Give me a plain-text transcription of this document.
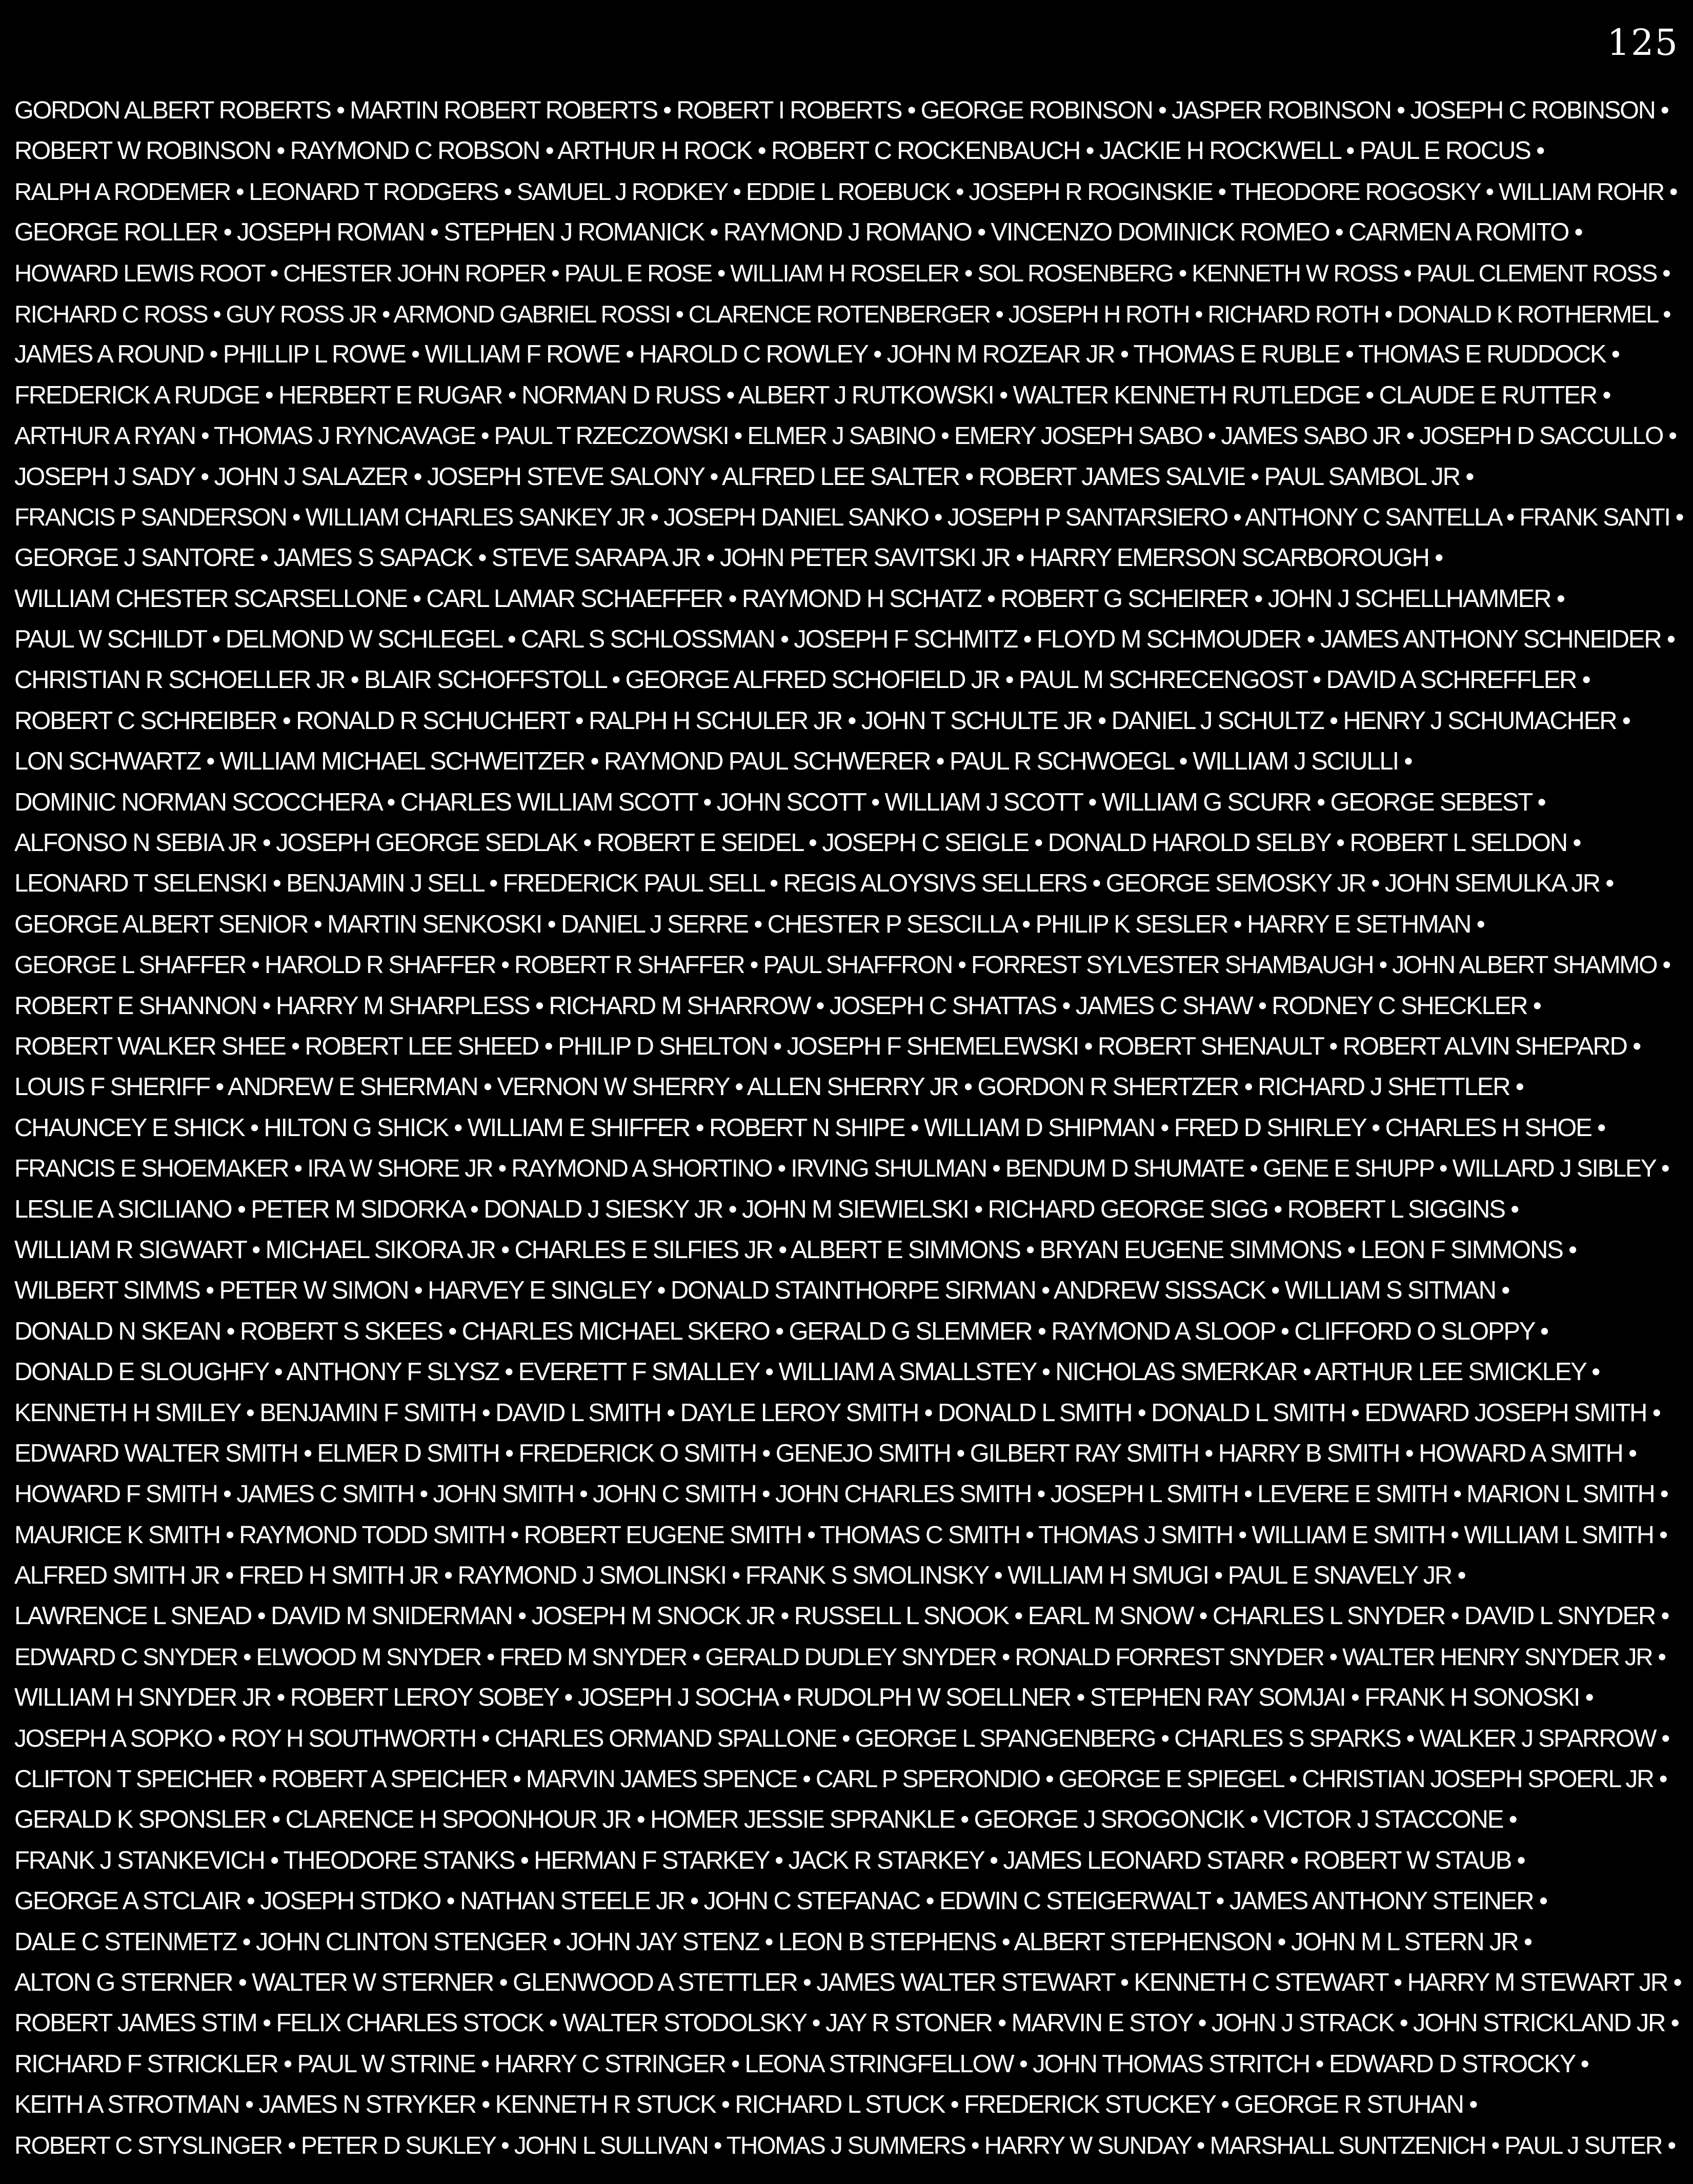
125
GORDON ALBERT ROBERTS • MARTIN ROBERT ROBERTS • ROBERT I ROBERTS • GEORGE ROBINSON • JASPER ROBINSON • JOSEPH C ROBINSON •
ROBERT W ROBINSON • RAYMOND C ROBSON • ARTHUR H ROCK • ROBERT C ROCKENBAUCH • JACKIE H ROCKWELL • PAUL E ROCUS •
RALPH A RODEMER • LEONARD T RODGERS • SAMUEL J RODKEY • EDDIE L ROEBUCK • JOSEPH R ROGINSKIE • THEODORE ROGOSKY • WILLIAM ROHR •
GEORGE ROLLER • JOSEPH ROMAN • STEPHEN J ROMANICK • RAYMOND J ROMANO • VINCENZO DOMINICK ROMEO • CARMEN A ROMITO •
HOWARD LEWIS ROOT • CHESTER JOHN ROPER • PAUL E ROSE • WILLIAM H ROSELER • SOL ROSENBERG • KENNETH W ROSS • PAUL CLEMENT ROSS •
RICHARD C ROSS • GUY ROSS JR • ARMOND GABRIEL ROSSI • CLARENCE ROTENBERGER • JOSEPH H ROTH • RICHARD ROTH • DONALD K ROTHERMEL •
JAMES A ROUND • PHILLIP L ROWE • WILLIAM F ROWE • HAROLD C ROWLEY • JOHN M ROZEAR JR • THOMAS E RUBLE • THOMAS E RUDDOCK •
FREDERICK A RUDGE • HERBERT E RUGAR • NORMAN D RUSS • ALBERT J RUTKOWSKI • WALTER KENNETH RUTLEDGE • CLAUDE E RUTTER •
ARTHUR A RYAN • THOMAS J RYNCAVAGE • PAUL T RZECZOWSKI • ELMER J SABINO • EMERY JOSEPH SABO • JAMES SABO JR • JOSEPH D SACCULLO •
JOSEPH J SADY • JOHN J SALAZER • JOSEPH STEVE SALONY • ALFRED LEE SALTER • ROBERT JAMES SALVIE • PAUL SAMBOL JR •
FRANCIS P SANDERSON • WILLIAM CHARLES SANKEY JR • JOSEPH DANIEL SANKO • JOSEPH P SANTARSIERO • ANTHONY C SANTELLA • FRANK SANTI •
GEORGE J SANTORE • JAMES S SAPACK • STEVE SARAPA JR • JOHN PETER SAVITSKI JR • HARRY EMERSON SCARBOROUGH •
WILLIAM CHESTER SCARSELLONE • CARL LAMAR SCHAEFFER • RAYMOND H SCHATZ • ROBERT G SCHEIRER • JOHN J SCHELLHAMMER •
PAUL W SCHILDT • DELMOND W SCHLEGEL • CARL S SCHLOSSMAN • JOSEPH F SCHMITZ • FLOYD M SCHMOUDER • JAMES ANTHONY SCHNEIDER •
CHRISTIAN R SCHOELLER JR • BLAIR SCHOFFSTOLL • GEORGE ALFRED SCHOFIELD JR • PAUL M SCHRECENGOST • DAVID A SCHREFFLER •
ROBERT C SCHREIBER • RONALD R SCHUCHERT • RALPH H SCHULER JR • JOHN T SCHULTE JR • DANIEL J SCHULTZ • HENRY J SCHUMACHER •
LON SCHWARTZ • WILLIAM MICHAEL SCHWEITZER • RAYMOND PAUL SCHWERER • PAUL R SCHWOEGL • WILLIAM J SCIULLI •
DOMINIC NORMAN SCOCCHERA • CHARLES WILLIAM SCOTT • JOHN SCOTT • WILLIAM J SCOTT • WILLIAM G SCURR • GEORGE SEBEST •
ALFONSO N SEBIA JR • JOSEPH GEORGE SEDLAK • ROBERT E SEIDEL • JOSEPH C SEIGLE • DONALD HAROLD SELBY • ROBERT L SELDON •
LEONARD T SELENSKI • BENJAMIN J SELL • FREDERICK PAUL SELL • REGIS ALOYSIVS SELLERS • GEORGE SEMOSKY JR • JOHN SEMULKA JR •
GEORGE ALBERT SENIOR • MARTIN SENKOSKI • DANIEL J SERRE • CHESTER P SESCILLA • PHILIP K SESLER • HARRY E SETHMAN •
GEORGE L SHAFFER • HAROLD R SHAFFER • ROBERT R SHAFFER • PAUL SHAFFRON • FORREST SYLVESTER SHAMBAUGH • JOHN ALBERT SHAMMO •
ROBERT E SHANNON • HARRY M SHARPLESS • RICHARD M SHARROW • JOSEPH C SHATTAS • JAMES C SHAW • RODNEY C SHECKLER •
ROBERT WALKER SHEE • ROBERT LEE SHEED • PHILIP D SHELTON • JOSEPH F SHEMELEWSKI • ROBERT SHENAULT • ROBERT ALVIN SHEPARD •
LOUIS F SHERIFF • ANDREW E SHERMAN • VERNON W SHERRY • ALLEN SHERRY JR • GORDON R SHERTZER • RICHARD J SHETTLER •
CHAUNCEY E SHICK • HILTON G SHICK • WILLIAM E SHIFFER • ROBERT N SHIPE • WILLIAM D SHIPMAN • FRED D SHIRLEY • CHARLES H SHOE •
FRANCIS E SHOEMAKER • IRA W SHORE JR • RAYMOND A SHORTINO • IRVING SHULMAN • BENDUM D SHUMATE • GENE E SHUPP • WILLARD J SIBLEY •
LESLIE A SICILIANO • PETER M SIDORKA • DONALD J SIESKY JR • JOHN M SIEWIELSKI • RICHARD GEORGE SIGG • ROBERT L SIGGINS •
WILLIAM R SIGWART • MICHAEL SIKORA JR • CHARLES E SILFIES JR • ALBERT E SIMMONS • BRYAN EUGENE SIMMONS • LEON F SIMMONS •
WILBERT SIMMS • PETER W SIMON • HARVEY E SINGLEY • DONALD STAINTHORPE SIRMAN • ANDREW SISSACK • WILLIAM S SITMAN •
DONALD N SKEAN • ROBERT S SKEES • CHARLES MICHAEL SKERO • GERALD G SLEMMER • RAYMOND A SLOOP • CLIFFORD O SLOPPY •
DONALD E SLOUGHFY • ANTHONY F SLYSZ • EVERETT F SMALLEY • WILLIAM A SMALLSTEY • NICHOLAS SMERKAR • ARTHUR LEE SMICKLEY •
KENNETH H SMILEY • BENJAMIN F SMITH • DAVID L SMITH • DAYLE LEROY SMITH • DONALD L SMITH • DONALD L SMITH • EDWARD JOSEPH SMITH •
EDWARD WALTER SMITH • ELMER D SMITH • FREDERICK O SMITH • GENEJO SMITH • GILBERT RAY SMITH • HARRY B SMITH • HOWARD A SMITH •
HOWARD F SMITH • JAMES C SMITH • JOHN SMITH • JOHN C SMITH • JOHN CHARLES SMITH • JOSEPH L SMITH • LEVERE E SMITH • MARION L SMITH •
MAURICE K SMITH • RAYMOND TODD SMITH • ROBERT EUGENE SMITH • THOMAS C SMITH • THOMAS J SMITH • WILLIAM E SMITH • WILLIAM L SMITH •
ALFRED SMITH JR • FRED H SMITH JR • RAYMOND J SMOLINSKI • FRANK S SMOLINSKY • WILLIAM H SMUGI • PAUL E SNAVELY JR •
LAWRENCE L SNEAD • DAVID M SNIDERMAN • JOSEPH M SNOCK JR • RUSSELL L SNOOK • EARL M SNOW • CHARLES L SNYDER • DAVID L SNYDER •
EDWARD C SNYDER • ELWOOD M SNYDER • FRED M SNYDER • GERALD DUDLEY SNYDER • RONALD FORREST SNYDER • WALTER HENRY SNYDER JR •
WILLIAM H SNYDER JR • ROBERT LEROY SOBEY • JOSEPH J SOCHA • RUDOLPH W SOELLNER • STEPHEN RAY SOMJAI • FRANK H SONOSKI •
JOSEPH A SOPKO • ROY H SOUTHWORTH • CHARLES ORMAND SPALLONE • GEORGE L SPANGENBERG • CHARLES S SPARKS • WALKER J SPARROW •
CLIFTON T SPEICHER • ROBERT A SPEICHER • MARVIN JAMES SPENCE • CARL P SPERONDIO • GEORGE E SPIEGEL • CHRISTIAN JOSEPH SPOERL JR •
GERALD K SPONSLER • CLARENCE H SPOONHOUR JR • HOMER JESSIE SPRANKLE • GEORGE J SROGONCIK • VICTOR J STACCONE •
FRANK J STANKEVICH • THEODORE STANKS • HERMAN F STARKEY • JACK R STARKEY • JAMES LEONARD STARR • ROBERT W STAUB •
GEORGE A STCLAIR • JOSEPH STDKO • NATHAN STEELE JR • JOHN C STEFANAC • EDWIN C STEIGERWALT • JAMES ANTHONY STEINER •
DALE C STEINMETZ • JOHN CLINTON STENGER • JOHN JAY STENZ • LEON B STEPHENS • ALBERT STEPHENSON • JOHN M L STERN JR •
ALTON G STERNER • WALTER W STERNER • GLENWOOD A STETTLER • JAMES WALTER STEWART • KENNETH C STEWART • HARRY M STEWART JR •
ROBERT JAMES STIM • FELIX CHARLES STOCK • WALTER STODOLSKY • JAY R STONER • MARVIN E STOY • JOHN J STRACK • JOHN STRICKLAND JR •
RICHARD F STRICKLER • PAUL W STRINE • HARRY C STRINGER • LEONA STRINGFELLOW • JOHN THOMAS STRITCH • EDWARD D STROCKY •
KEITH A STROTMAN • JAMES N STRYKER • KENNETH R STUCK • RICHARD L STUCK • FREDERICK STUCKEY • GEORGE R STUHAN •
ROBERT C STYSLINGER • PETER D SUKLEY • JOHN L SULLIVAN • THOMAS J SUMMERS • HARRY W SUNDAY • MARSHALL SUNTZENICH • PAUL J SUTER •
